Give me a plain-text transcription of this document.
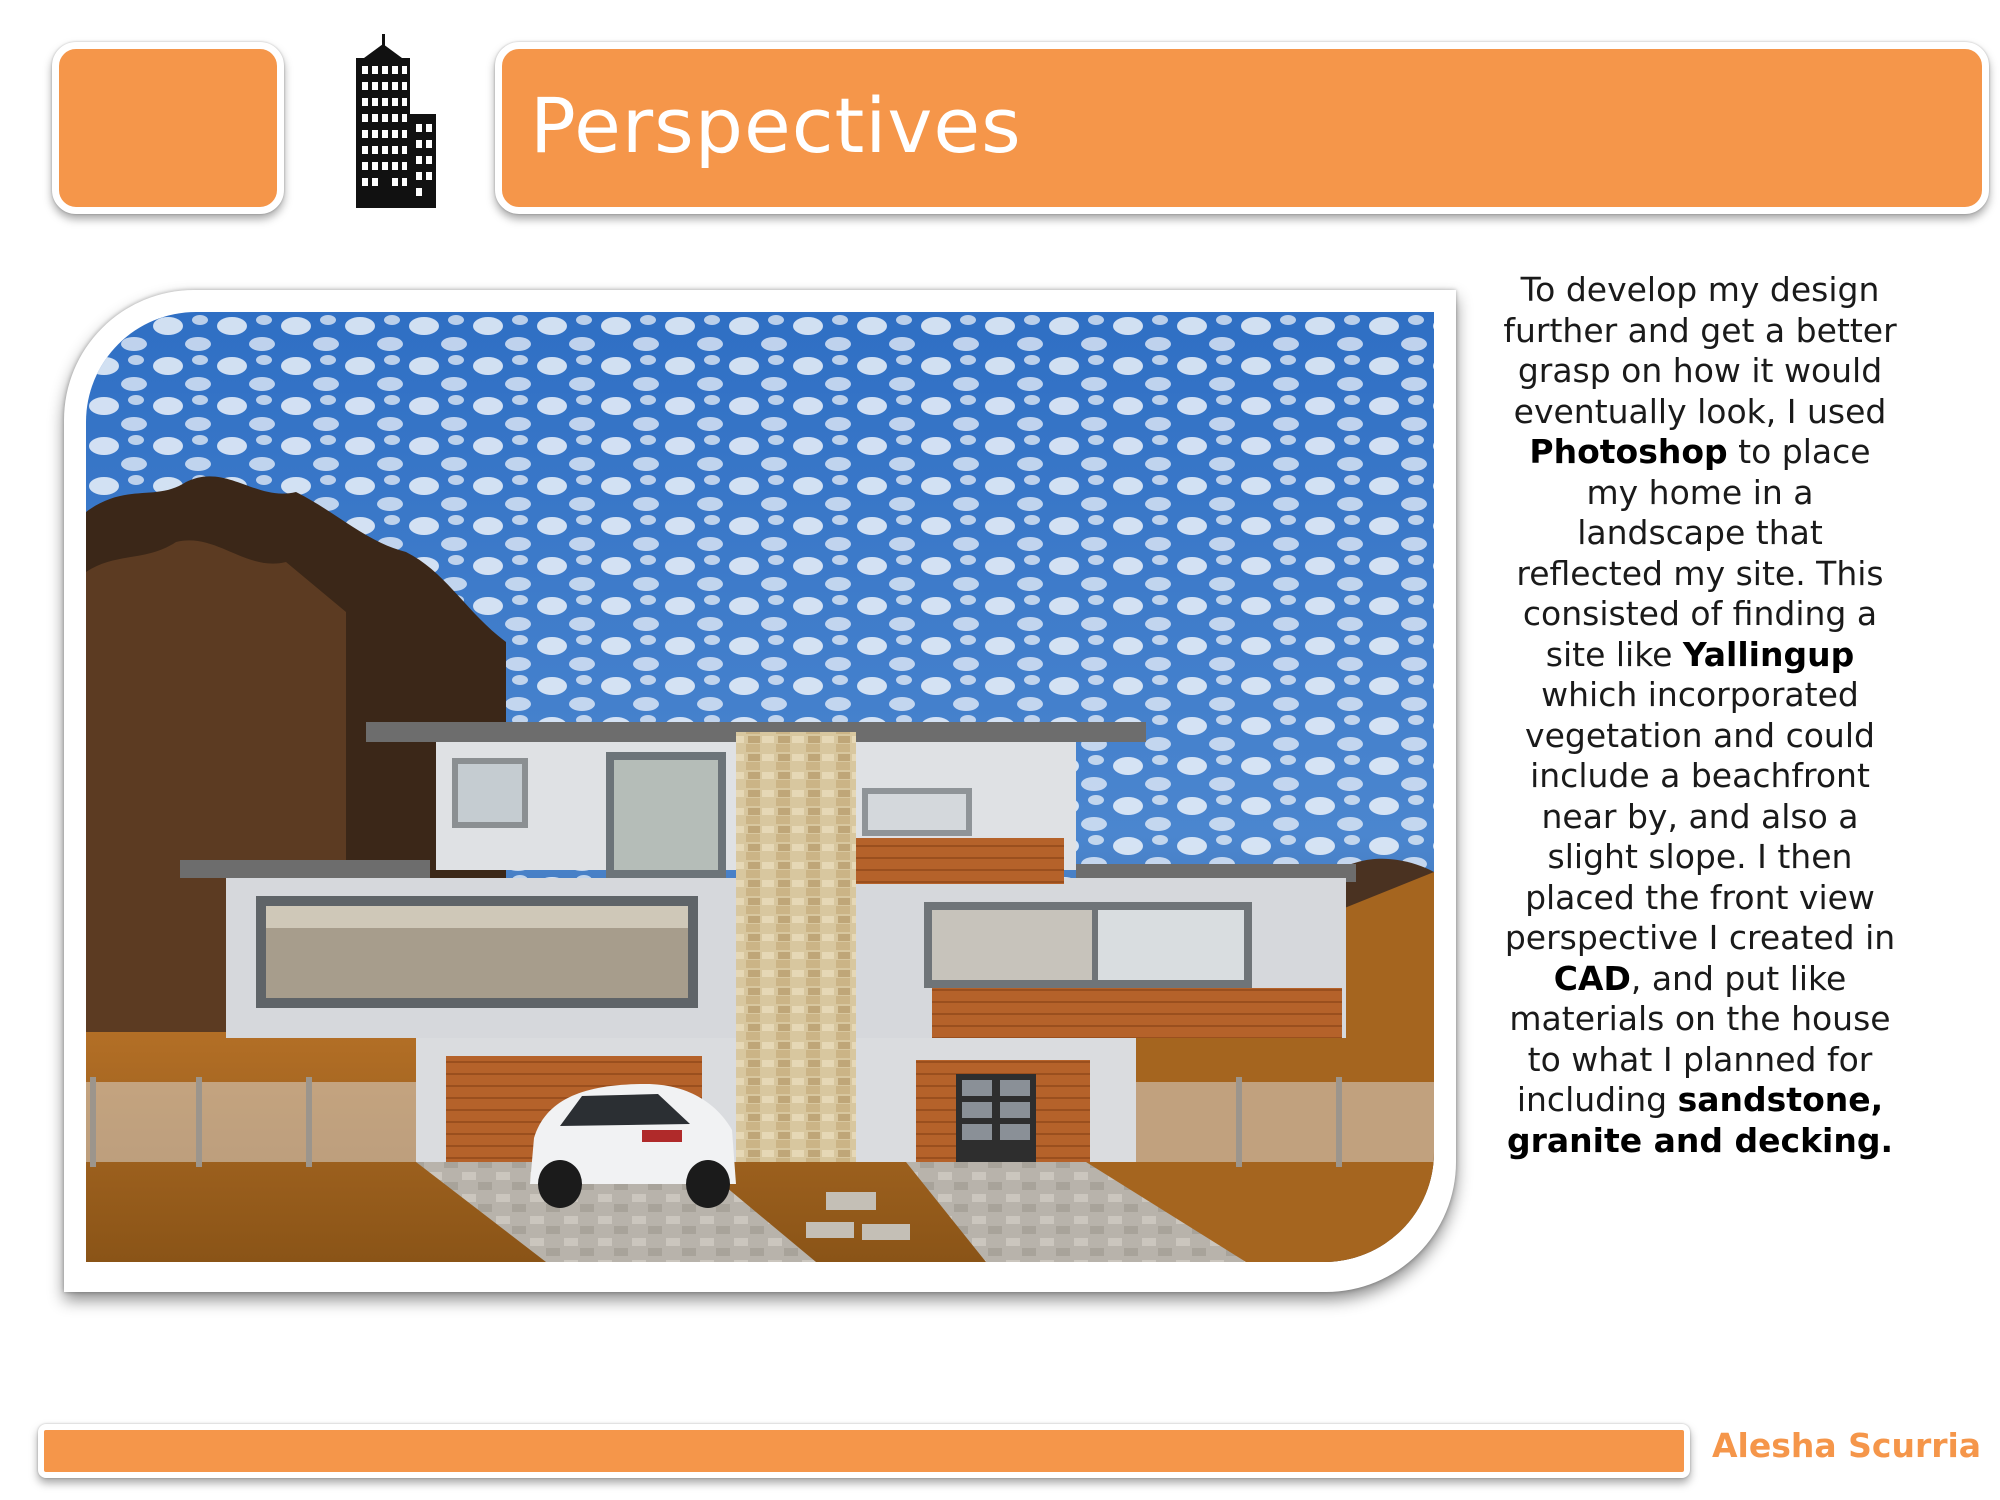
Perspectives
To develop my design further and get a better grasp on how it would eventually look, I used Photoshop to place my home in a landscape that reflected my site. This consisted of finding a site like Yallingup which incorporated vegetation and could include a beachfront near by, and also a slight slope. I then placed the front view perspective I created in CAD, and put like materials on the house to what I planned for including sandstone, granite and decking.
Alesha Scurria
